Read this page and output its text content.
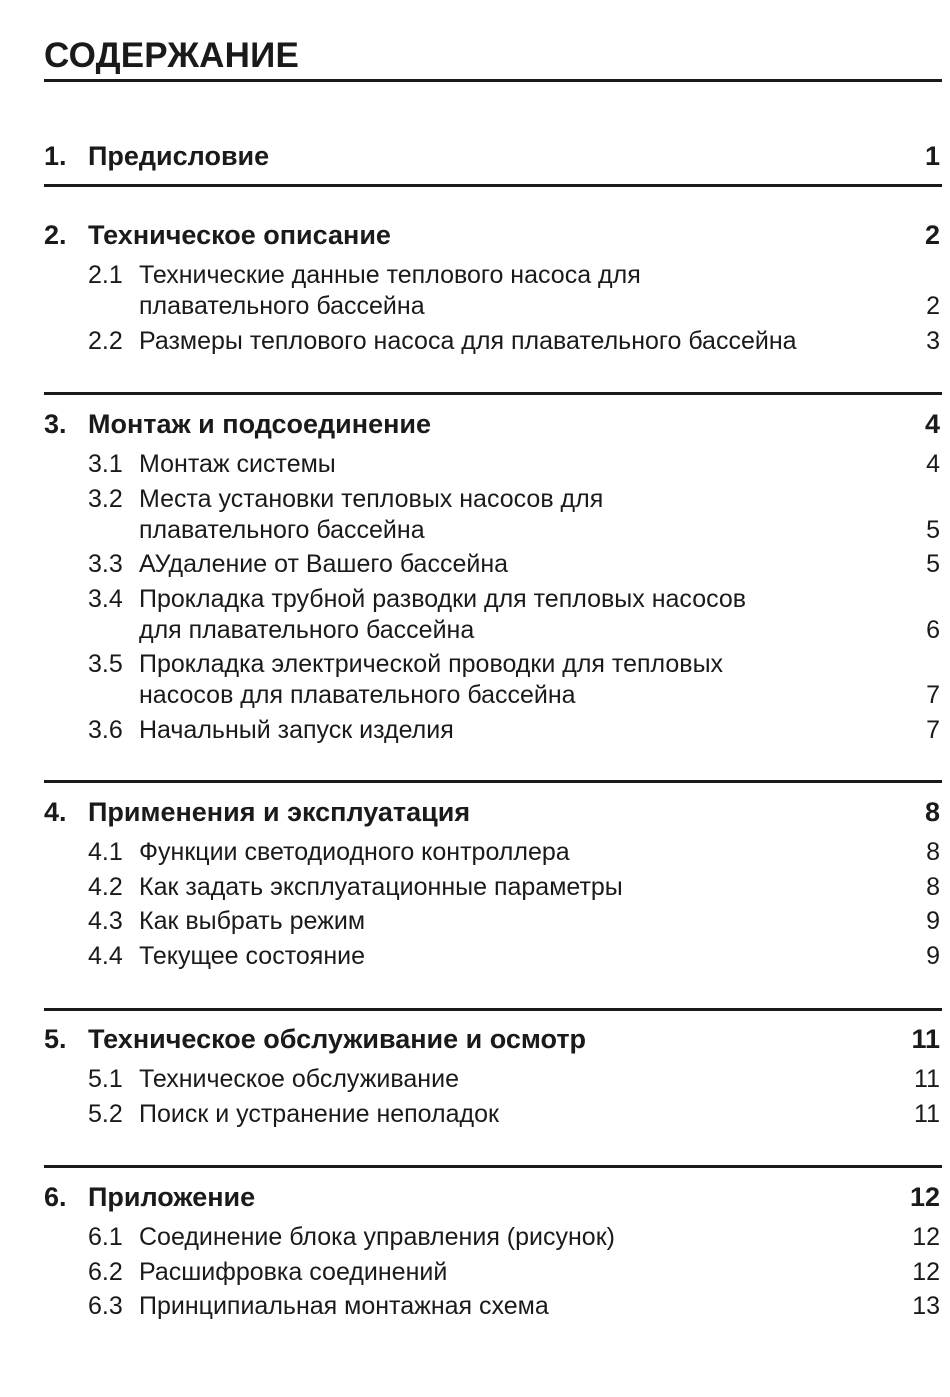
СОДЕРЖАНИЕ
1. Предисловие	1
2. Техническое описание	2
2.1 Технические данные теплового насоса для
плавательного бассейна	2
2.2 Размеры теплового насоса для плавательного бассейна	3
3. Монтаж и подсоединение	4
3.1 Монтаж системы	4
3.2 Места установки тепловых насосов для
плавательного бассейна	5
3.3 АУдаление от Вашего бассейна	5
3.4 Прокладка трубной разводки для тепловых насосов
для плавательного бассейна	6
3.5 Прокладка электрической проводки для тепловых
насосов для плавательного бассейна	7
3.6 Начальный запуск изделия	7
4. Применения и эксплуатация	8
4.1 Функции светодиодного контроллера	8
4.2 Как задать эксплуатационные параметры	8
4.3 Как выбрать режим	9
4.4 Текущее состояние	9
5. Техническое обслуживание и осмотр	11
5.1 Техническое обслуживание	11
5.2 Поиск и устранение неполадок	11
6. Приложение	12
6.1 Соединение блока управления (рисунок)	12
6.2 Расшифровка соединений	12
6.3 Принципиальная монтажная схема	13
